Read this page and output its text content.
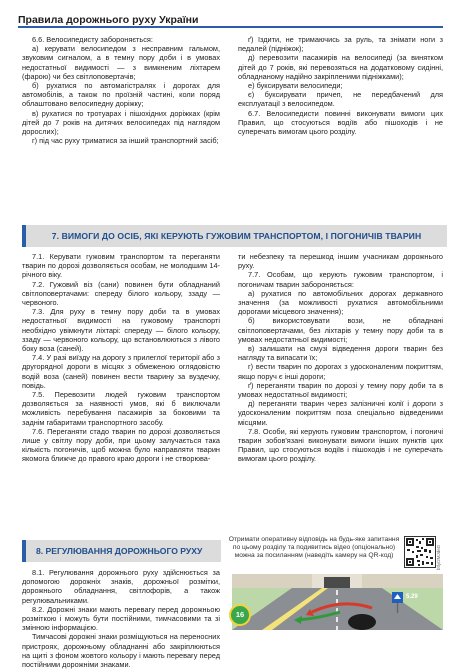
Правила дорожнього руху України

6.6. Велосипедисту забороняється:

а) керувати велосипедом з несправним гальмом, звуковим сигналом, а в темну пору доби і в умовах недостатньої видимості — з вимкненим ліхтарем (фарою) чи без світлоповертачів;

б) рухатися по автомагістралях і дорогах для автомобілів, а також по проїзній частині, коли поряд облаштовано велосипедну доріжку;

в) рухатися по тротуарах і пішохідних доріжках (крім дітей до 7 років на дитячих велосипедах під наглядом дорослих);

г) під час руху триматися за інший транспортний засіб;

ґ) їздити, не тримаючись за руль, та знімати ноги з педалей (підніжок);

д) перевозити пасажирів на велосипеді (за винятком дітей до 7 років, які перевозяться на додатковому сидінні, обладнаному надійно закріпленими підніжками);

е) буксирувати велосипеди;

є) буксирувати причеп, не передбачений для експлуатації з велосипедом.

6.7. Велосипедисти повинні виконувати вимоги цих Правил, що стосуються водіїв або пішоходів і не суперечать вимогам цього розділу.

7. ВИМОГИ ДО ОСІБ, ЯКІ КЕРУЮТЬ ГУЖОВИМ ТРАНСПОРТОМ, І ПОГОНИЧІВ ТВАРИН

7.1. Керувати гужовим транспортом та переганяти тварин по дорозі дозволяється особам, не молодшим 14-річного віку.

7.2. Гужовий віз (сани) повинен бути обладнаний світлоповертачами: спереду білого кольору, ззаду — червоного.

7.3. Для руху в темну пору доби та в умовах недостатньої видимості на гужовому транспорті необхідно увімкнути ліхтарі: спереду — білого кольору, ззаду — червоного кольору, що встановлюються з лівого боку воза (саней).

7.4. У разі виїзду на дорогу з прилеглої території або з другорядної дороги в місцях з обмеженою оглядовістю водій воза (саней) повинен вести тварину за вуздечку, повідь.

7.5. Перевозити людей гужовим транспортом дозволяється за наявності умов, які б виключали можливість перебування пасажирів за боковими та заднім габаритами транспортного засобу.

7.6. Переганяти стадо тварин по дорозі дозволяється лише у світлу пору доби, при цьому залучається така кількість погоничів, щоб можна було направляти тварин якомога ближче до правого краю дороги і не створюва-

ти небезпеку та перешкод іншим учасникам дорожнього руху.

7.7. Особам, що керують гужовим транспортом, і погоничам тварин забороняється:

а) рухатися по автомобільних дорогах державного значення (за можливості рухатися автомобільними дорогами місцевого значення);

б) використовувати вози, не обладнані світлоповертачами, без ліхтарів у темну пору доби та в умовах недостатньої видимості;

в) залишати на смузі відведення дороги тварин без нагляду та випасати їх;

г) вести тварин по дорогах з удосконаленим покриттям, якщо поруч є інші дороги;

ґ) переганяти тварин по дорозі у темну пору доби та в умовах недостатньої видимості;

д) переганяти тварин через залізничні колії і дороги з удосконаленим покриттям поза спеціально відведеними місцями.

7.8. Особи, які керують гужовим транспортом, і погоничі тварин зобов'язані виконувати вимоги інших пунктів цих Правил, що стосуються водіїв і пішоходів і не суперечать вимогам цього розділу.

8. РЕГУЛЮВАННЯ ДОРОЖНЬОГО РУХУ
Отримати оперативну відповідь на будь-яке запитання по цьому розділу та подивитись відео (опціонально) можна за посиланням (наведіть камеру на QR-код)	btly/2MJdeD

8.1. Регулювання дорожнього руху здійснюється за допомогою дорожніх знаків, дорожньої розмітки, дорожнього обладнання, світлофорів, а також регулювальниками.

8.2. Дорожні знаки мають перевагу перед дорожньою розміткою і можуть бути постійними, тимчасовими та зі змінною інформацією.

Тимчасові дорожні знаки розміщуються на переносних пристроях, дорожньому обладнанні або закріплюються на щиті з фоном жовтого кольору і мають перевагу перед постійними дорожніми знаками.

5.29
16
